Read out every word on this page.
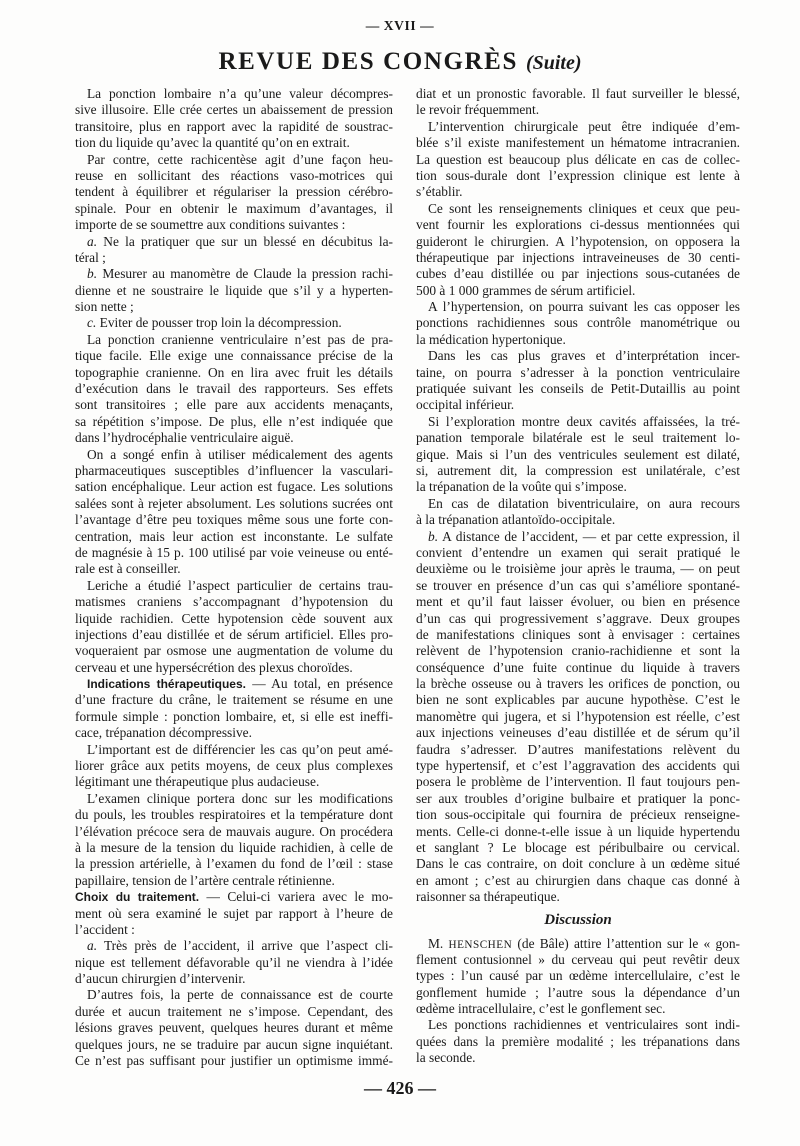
— XVII —
REVUE DES CONGRÈS (Suite)
La ponction lombaire n’a qu’une valeur décompres-
sive illusoire. Elle crée certes un abaissement de pression
transitoire, plus en rapport avec la rapidité de soustrac-
tion du liquide qu’avec la quantité qu’on en extrait.
Par contre, cette rachicentèse agit d’une façon heu-
reuse en sollicitant des réactions vaso-motrices qui
tendent à équilibrer et régulariser la pression cérébro-
spinale. Pour en obtenir le maximum d’avantages, il
importe de se soumettre aux conditions suivantes :
a. Ne la pratiquer que sur un blessé en décubitus la-
téral ;
b. Mesurer au manomètre de Claude la pression rachi-
dienne et ne soustraire le liquide que s’il y a hyperten-
sion nette ;
c. Eviter de pousser trop loin la décompression.
La ponction cranienne ventriculaire n’est pas de pra-
tique facile. Elle exige une connaissance précise de la
topographie cranienne. On en lira avec fruit les détails
d’exécution dans le travail des rapporteurs. Ses effets
sont transitoires ; elle pare aux accidents menaçants,
sa répétition s’impose. De plus, elle n’est indiquée que
dans l’hydrocéphalie ventriculaire aiguë.
On a songé enfin à utiliser médicalement des agents
pharmaceutiques susceptibles d’influencer la vasculari-
sation encéphalique. Leur action est fugace. Les solutions
salées sont à rejeter absolument. Les solutions sucrées ont
l’avantage d’être peu toxiques même sous une forte con-
centration, mais leur action est inconstante. Le sulfate
de magnésie à 15 p. 100 utilisé par voie veineuse ou enté-
rale est à conseiller.
Leriche a étudié l’aspect particulier de certains trau-
matismes craniens s’accompagnant d’hypotension du
liquide rachidien. Cette hypotension cède souvent aux
injections d’eau distillée et de sérum artificiel. Elles pro-
voqueraient par osmose une augmentation de volume du
cerveau et une hypersécrétion des plexus choroïdes.
Indications thérapeutiques. — Au total, en présence
d’une fracture du crâne, le traitement se résume en une
formule simple : ponction lombaire, et, si elle est ineffi-
cace, trépanation décompressive.
L’important est de différencier les cas qu’on peut amé-
liorer grâce aux petits moyens, de ceux plus complexes
légitimant une thérapeutique plus audacieuse.
L’examen clinique portera donc sur les modifications
du pouls, les troubles respiratoires et la température dont
l’élévation précoce sera de mauvais augure. On procédera
à la mesure de la tension du liquide rachidien, à celle de
la pression artérielle, à l’examen du fond de l’œil : stase
papillaire, tension de l’artère centrale rétinienne.
Choix du traitement. — Celui-ci variera avec le mo-
ment où sera examiné le sujet par rapport à l’heure de
l’accident :
a. Très près de l’accident, il arrive que l’aspect cli-
nique est tellement défavorable qu’il ne viendra à l’idée
d’aucun chirurgien d’intervenir.
D’autres fois, la perte de connaissance est de courte
durée et aucun traitement ne s’impose. Cependant, des
lésions graves peuvent, quelques heures durant et même
quelques jours, ne se traduire par aucun signe inquiétant.
Ce n’est pas suffisant pour justifier un optimisme immé-
diat et un pronostic favorable. Il faut surveiller le blessé,
le revoir fréquemment.
L’intervention chirurgicale peut être indiquée d’em-
blée s’il existe manifestement un hématome intracranien.
La question est beaucoup plus délicate en cas de collec-
tion sous-durale dont l’expression clinique est lente à
s’établir.
Ce sont les renseignements cliniques et ceux que peu-
vent fournir les explorations ci-dessus mentionnées qui
guideront le chirurgien. A l’hypotension, on opposera la
thérapeutique par injections intraveineuses de 30 centi-
cubes d’eau distillée ou par injections sous-cutanées de
500 à 1 000 grammes de sérum artificiel.
A l’hypertension, on pourra suivant les cas opposer les
ponctions rachidiennes sous contrôle manométrique ou
la médication hypertonique.
Dans les cas plus graves et d’interprétation incer-
taine, on pourra s’adresser à la ponction ventriculaire
pratiquée suivant les conseils de Petit-Dutaillis au point
occipital inférieur.
Si l’exploration montre deux cavités affaissées, la tré-
panation temporale bilatérale est le seul traitement lo-
gique. Mais si l’un des ventricules seulement est dilaté,
si, autrement dit, la compression est unilatérale, c’est
la trépanation de la voûte qui s’impose.
En cas de dilatation biventriculaire, on aura recours
à la trépanation atlantoïdo-occipitale.
b. A distance de l’accident, — et par cette expression, il
convient d’entendre un examen qui serait pratiqué le
deuxième ou le troisième jour après le trauma, — on peut
se trouver en présence d’un cas qui s’améliore spontané-
ment et qu’il faut laisser évoluer, ou bien en présence
d’un cas qui progressivement s’aggrave. Deux groupes
de manifestations cliniques sont à envisager : certaines
relèvent de l’hypotension cranio-rachidienne et sont la
conséquence d’une fuite continue du liquide à travers
la brèche osseuse ou à travers les orifices de ponction, ou
bien ne sont explicables par aucune hypothèse. C’est le
manomètre qui jugera, et si l’hypotension est réelle, c’est
aux injections veineuses d’eau distillée et de sérum qu’il
faudra s’adresser. D’autres manifestations relèvent du
type hypertensif, et c’est l’aggravation des accidents qui
posera le problème de l’intervention. Il faut toujours pen-
ser aux troubles d’origine bulbaire et pratiquer la ponc-
tion sous-occipitale qui fournira de précieux renseigne-
ments. Celle-ci donne-t-elle issue à un liquide hypertendu
et sanglant ? Le blocage est péribulbaire ou cervical.
Dans le cas contraire, on doit conclure à un œdème situé
en amont ; c’est au chirurgien dans chaque cas donné à
raisonner sa thérapeutique.
Discussion
M. HENSCHEN (de Bâle) attire l’attention sur le « gon-
flement contusionnel » du cerveau qui peut revêtir deux
types : l’un causé par un œdème intercellulaire, c’est le
gonflement humide ; l’autre sous la dépendance d’un
œdème intracellulaire, c’est le gonflement sec.
Les ponctions rachidiennes et ventriculaires sont indi-
quées dans la première modalité ; les trépanations dans
la seconde.
— 426 —
